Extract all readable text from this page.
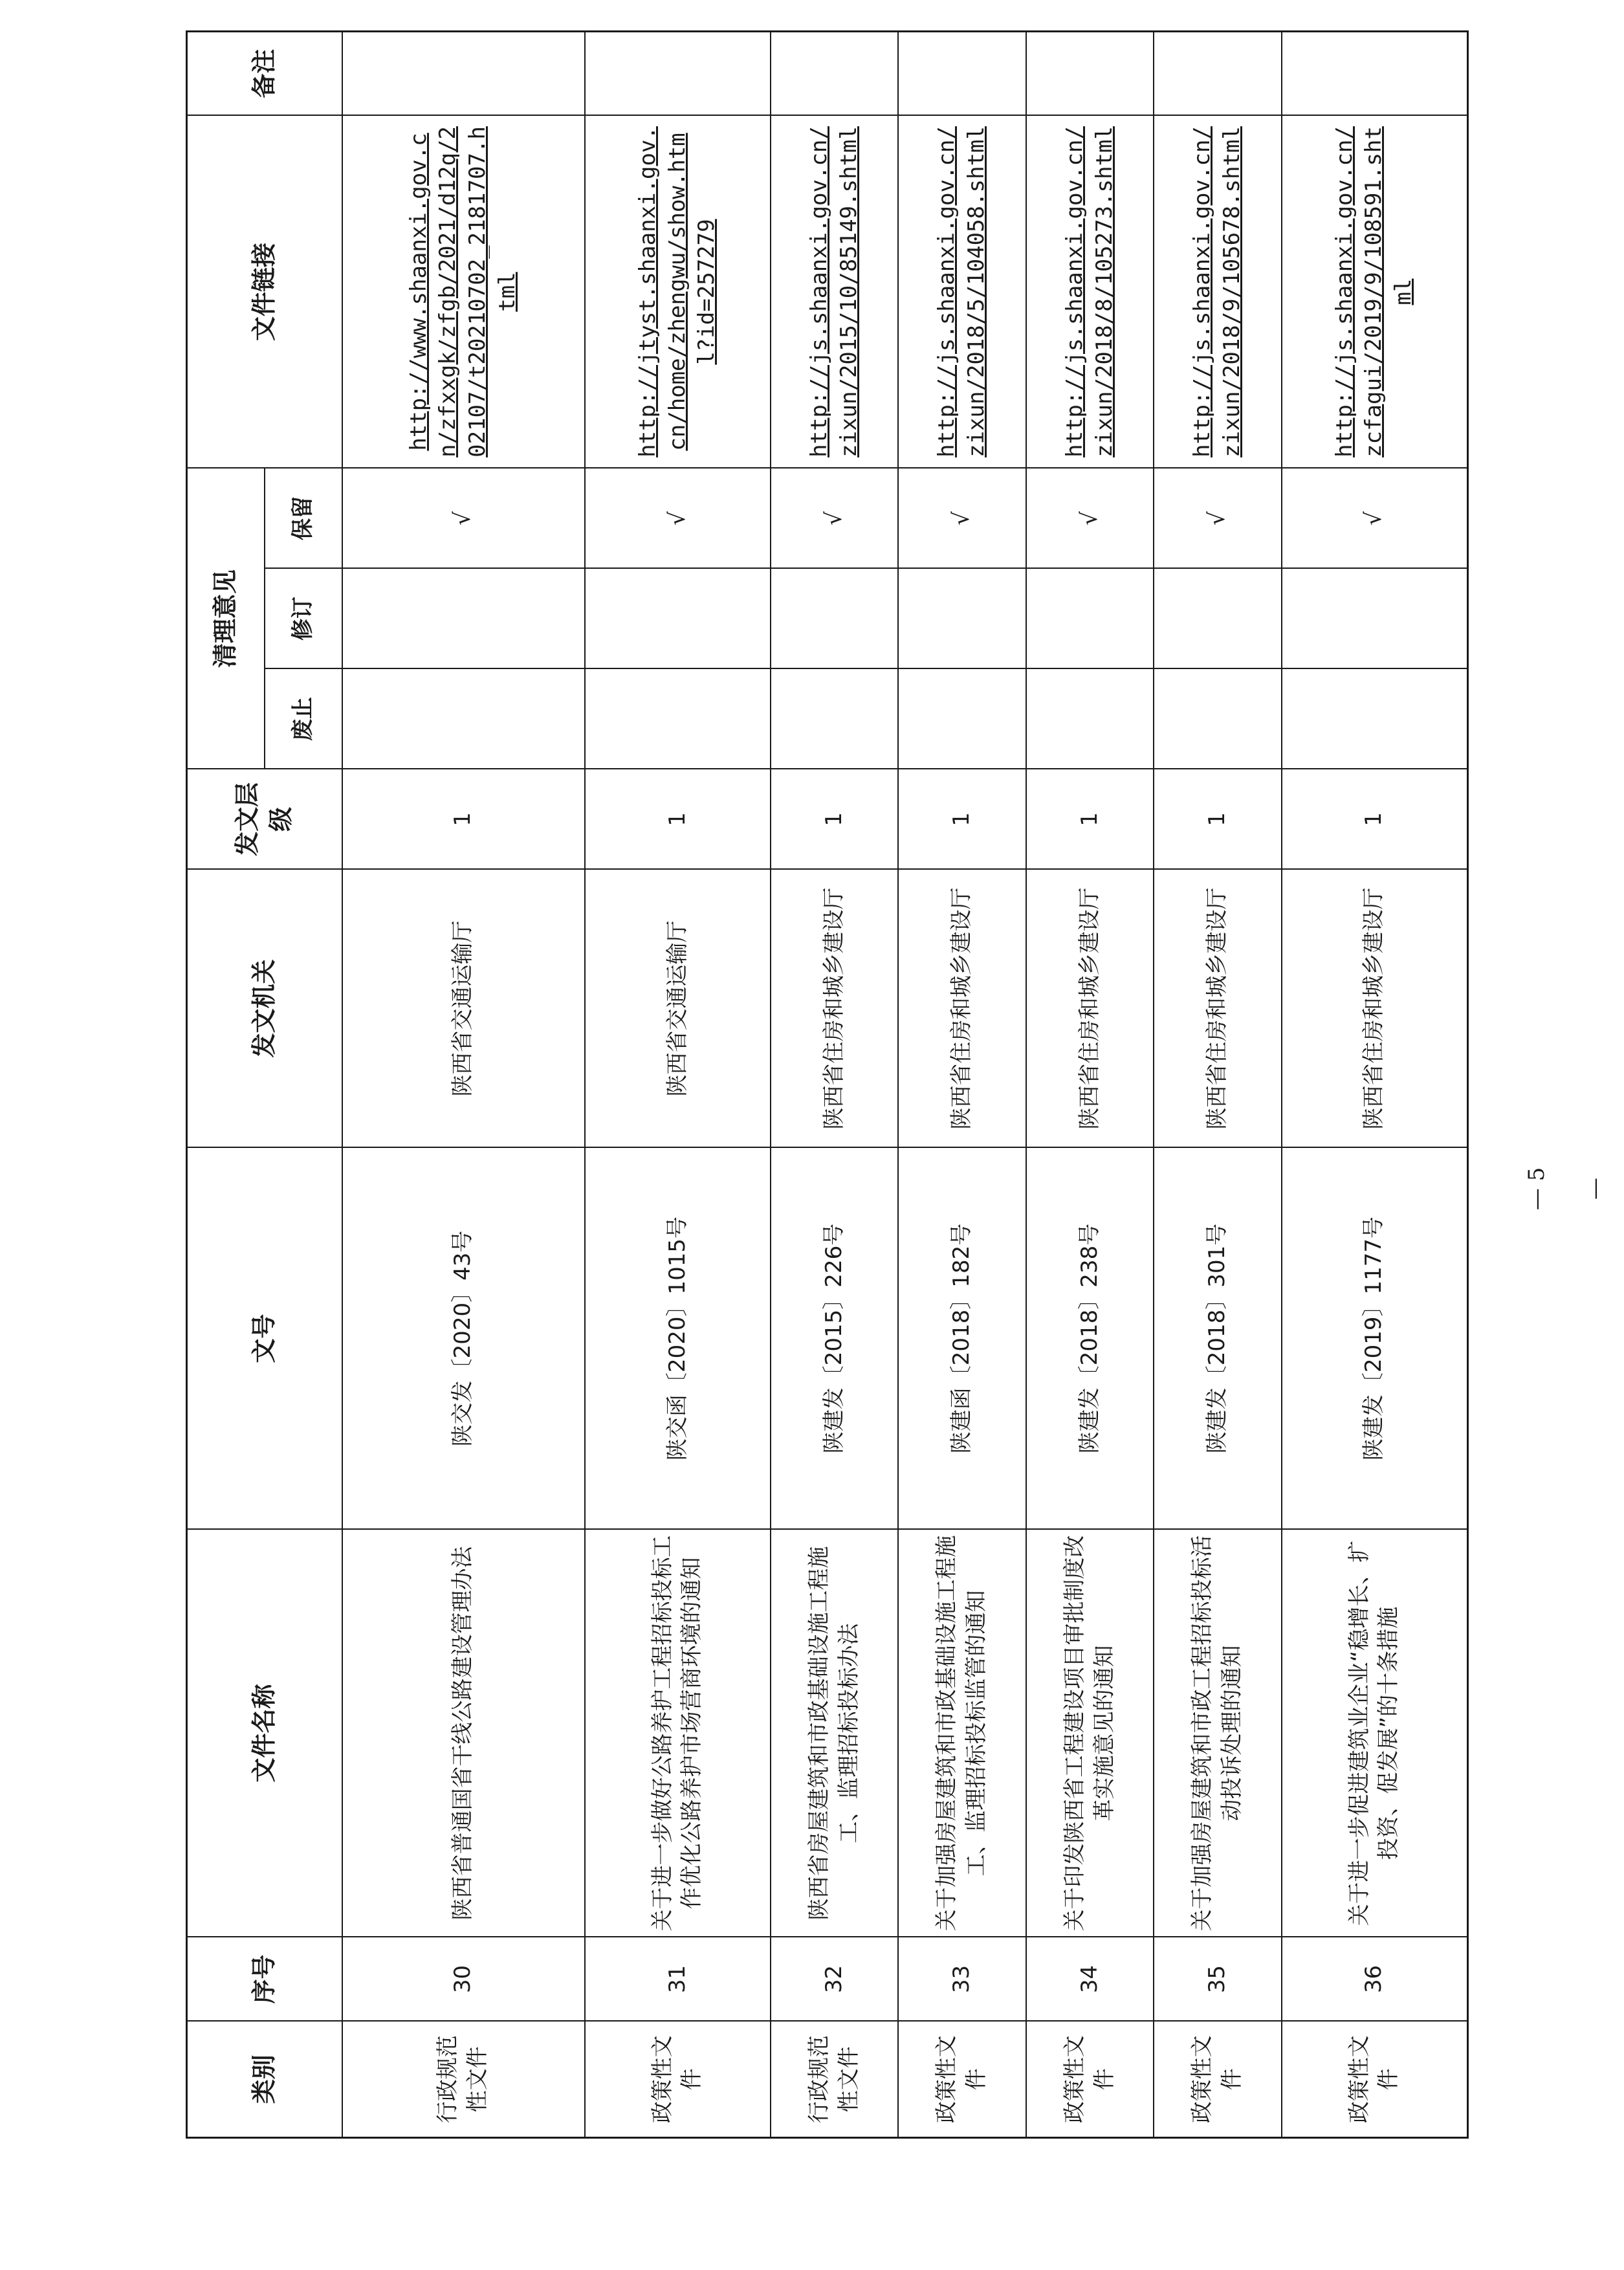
类别	序号	文件名称	文号	发文机关	发文层级	清理意见			文件链接	备注
						废止	修订	保留		
行政规范性文件	30	陕西省普通国省干线公路建设管理办法	陕交发〔2020〕43号	陕西省交通运输厅	1			√	http://www.shaanxi.gov.cn/zfxxgk/zfgb/2021/d12q/202107/t20210702_2181707.html	
政策性文件	31	关于进一步做好公路养护工程招标投标工作优化公路养护市场营商环境的通知	陕交函〔2020〕1015号	陕西省交通运输厅	1			√	http://jtyst.shaanxi.gov.cn/home/zhengwu/show.html?id=257279	
行政规范性文件	32	陕西省房屋建筑和市政基础设施工程施工、监理招标投标办法	陕建发〔2015〕226号	陕西省住房和城乡建设厅	1			√	http://js.shaanxi.gov.cn/zixun/2015/10/85149.shtml	
政策性文件	33	关于加强房屋建筑和市政基础设施工程施工、监理招标投标监管的通知	陕建函〔2018〕182号	陕西省住房和城乡建设厅	1			√	http://js.shaanxi.gov.cn/zixun/2018/5/104058.shtml	
政策性文件	34	关于印发陕西省工程建设项目审批制度改革实施意见的通知	陕建发〔2018〕238号	陕西省住房和城乡建设厅	1			√	http://js.shaanxi.gov.cn/zixun/2018/8/105273.shtml	
政策性文件	35	关于加强房屋建筑和市政工程招标投标活动投诉处理的通知	陕建发〔2018〕301号	陕西省住房和城乡建设厅	1			√	http://js.shaanxi.gov.cn/zixun/2018/9/105678.shtml	
政策性文件	36	关于进一步促进建筑业企业“稳增长、扩投资、促发展”的十条措施	陕建发〔2019〕1177号	陕西省住房和城乡建设厅	1			√	http://js.shaanxi.gov.cn/zcfagui/2019/9/108591.shtml	
— 5 —
